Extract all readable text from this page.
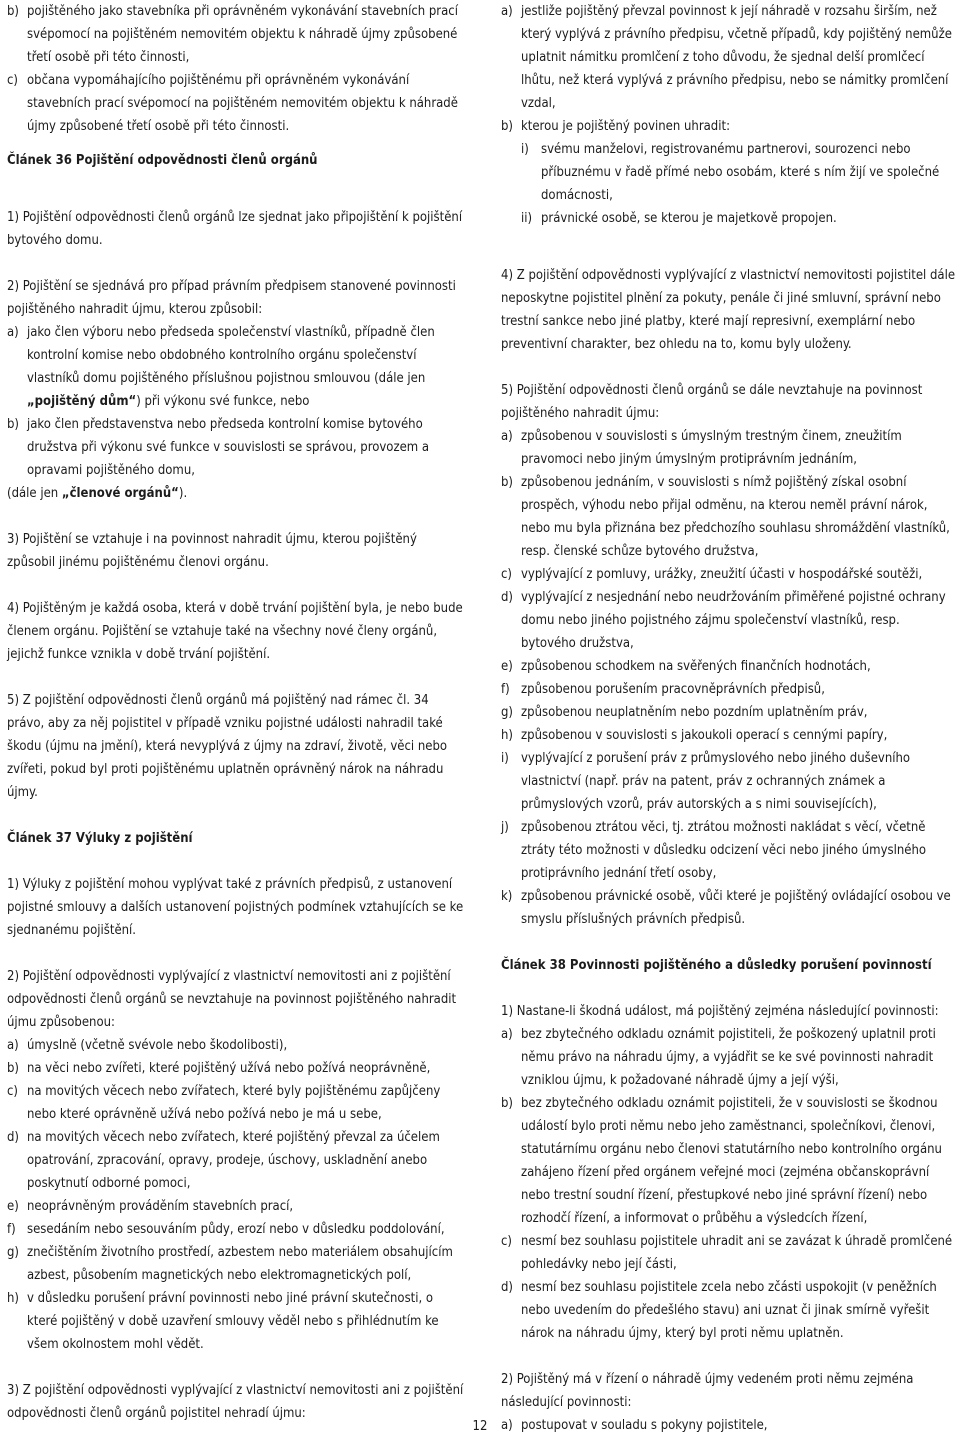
b) pojištěného jako stavebníka při oprávněném vykonávání stavebních prací svépomocí na pojištěném nemovitém objektu k náhradě újmy způsobené třetí osobě při této činnosti,
c) občana vypomáhajícího pojištěnému při oprávněném vykonávání stavebních prací svépomocí na pojištěném nemovitém objektu k náhradě újmy způsobené třetí osobě při této činnosti.
Článek 36 Pojištění odpovědnosti členů orgánů
1) Pojištění odpovědnosti členů orgánů lze sjednat jako připojištění k pojištění bytového domu.
2) Pojištění se sjednává pro případ právním předpisem stanovené povinnosti pojištěného nahradit újmu, kterou způsobil:
a) jako člen výboru nebo předseda společenství vlastníků, případně člen kontrolní komise nebo obdobného kontrolního orgánu společenství vlastníků domu pojištěného příslušnou pojistnou smlouvou (dále jen „pojištěný dům“) při výkonu své funkce, nebo
b) jako člen představenstva nebo předseda kontrolní komise bytového družstva při výkonu své funkce v souvislosti se správou, provozem a opravami pojištěného domu,
(dále jen „členové orgánů“).
3) Pojištění se vztahuje i na povinnost nahradit újmu, kterou pojištěný způsobil jinému pojištěnému členovi orgánu.
4) Pojištěným je každá osoba, která v době trvání pojištění byla, je nebo bude členem orgánu. Pojištění se vztahuje také na všechny nové členy orgánů, jejichž funkce vznikla v době trvání pojištění.
5) Z pojištění odpovědnosti členů orgánů má pojištěný nad rámec čl. 34 právo, aby za něj pojistitel v případě vzniku pojistné události nahradil také škodu (újmu na jmění), která nevyplývá z újmy na zdraví, životě, věci nebo zvířeti, pokud byl proti pojištěnému uplatněn oprávněný nárok na náhradu újmy.
Článek 37 Výluky z pojištění
1) Výluky z pojištění mohou vyplývat také z právních předpisů, z ustanovení pojistné smlouvy a dalších ustanovení pojistných podmínek vztahujících se ke sjednanému pojištění.
2) Pojištění odpovědnosti vyplývající z vlastnictví nemovitosti ani z pojištění odpovědnosti členů orgánů se nevztahuje na povinnost pojištěného nahradit újmu způsobenou:
a) úmyslně (včetně svévole nebo škodolibosti),
b) na věci nebo zvířeti, které pojištěný užívá nebo požívá neoprávněně,
c) na movitých věcech nebo zvířatech, které byly pojištěnému zapůjčeny nebo které oprávněně užívá nebo požívá nebo je má u sebe,
d) na movitých věcech nebo zvířatech, které pojištěný převzal za účelem opatrování, zpracování, opravy, prodeje, úschovy, uskladnění anebo poskytnutí odborné pomoci,
e) neoprávněným prováděním stavebních prací,
f) sesedáním nebo sesouváním půdy, erozí nebo v důsledku poddolování,
g) znečištěním životního prostředí, azbestem nebo materiálem obsahujícím azbest, působením magnetických nebo elektromagnetických polí,
h) v důsledku porušení právní povinnosti nebo jiné právní skutečnosti, o které pojištěný v době uzavření smlouvy věděl nebo s přihlédnutím ke všem okolnostem mohl vědět.
3) Z pojištění odpovědnosti vyplývající z vlastnictví nemovitosti ani z pojištění odpovědnosti členů orgánů pojistitel nehradí újmu:
a) jestliže pojištěný převzal povinnost k její náhradě v rozsahu širším, než který vyplývá z právního předpisu, včetně případů, kdy pojištěný nemůže uplatnit námitku promlčení z toho důvodu, že sjednal delší promlčecí lhůtu, než která vyplývá z právního předpisu, nebo se námitky promlčení vzdal,
b) kterou je pojištěný povinen uhradit:
i) svému manželovi, registrovanému partnerovi, sourozenci nebo příbuznému v řadě přímé nebo osobám, které s ním žijí ve společné domácnosti,
ii) právnické osobě, se kterou je majetkově propojen.
4) Z pojištění odpovědnosti vyplývající z vlastnictví nemovitosti pojistitel dále neposkytne pojistitel plnění za pokuty, penále či jiné smluvní, správní nebo trestní sankce nebo jiné platby, které mají represivní, exemplární nebo preventivní charakter, bez ohledu na to, komu byly uloženy.
5) Pojištění odpovědnosti členů orgánů se dále nevztahuje na povinnost pojištěného nahradit újmu:
a) způsobenou v souvislosti s úmyslným trestným činem, zneužitím pravomoci nebo jiným úmyslným protiprávním jednáním,
b) způsobenou jednáním, v souvislosti s nímž pojištěný získal osobní prospěch, výhodu nebo přijal odměnu, na kterou neměl právní nárok, nebo mu byla přiznána bez předchozího souhlasu shromáždění vlastníků, resp. členské schůze bytového družstva,
c) vyplývající z pomluvy, urážky, zneužití účasti v hospodářské soutěži,
d) vyplývající z nesjednání nebo neudržováním přiměřené pojistné ochrany domu nebo jiného pojistného zájmu společenství vlastníků, resp. bytového družstva,
e) způsobenou schodkem na svěřených finančních hodnotách,
f) způsobenou porušením pracovněprávních předpisů,
g) způsobenou neuplatněním nebo pozdním uplatněním práv,
h) způsobenou v souvislosti s jakoukoli operací s cennými papíry,
i) vyplývající z porušení práv z průmyslového nebo jiného duševního vlastnictví (např. práv na patent, práv z ochranných známek a průmyslových vzorů, práv autorských a s nimi souvisejících),
j) způsobenou ztrátou věci, tj. ztrátou možnosti nakládat s věcí, včetně ztráty této možnosti v důsledku odcizení věci nebo jiného úmyslného protiprávního jednání třetí osoby,
k) způsobenou právnické osobě, vůči které je pojištěný ovládající osobou ve smyslu příslušných právních předpisů.
Článek 38 Povinnosti pojištěného a důsledky porušení povinností
1) Nastane-li škodná událost, má pojištěný zejména následující povinnosti:
a) bez zbytečného odkladu oznámit pojistiteli, že poškozený uplatnil proti němu právo na náhradu újmy, a vyjádřit se ke své povinnosti nahradit vzniklou újmu, k požadované náhradě újmy a její výši,
b) bez zbytečného odkladu oznámit pojistiteli, že v souvislosti se škodnou událostí bylo proti němu nebo jeho zaměstnanci, společníkovi, členovi, statutárnímu orgánu nebo členovi statutárního nebo kontrolního orgánu zahájeno řízení před orgánem veřejné moci (zejména občanskoprávní nebo trestní soudní řízení, přestupkové nebo jiné správní řízení) nebo rozhodčí řízení, a informovat o průběhu a výsledcích řízení,
c) nesmí bez souhlasu pojistitele uhradit ani se zavázat k úhradě promlčené pohledávky nebo její části,
d) nesmí bez souhlasu pojistitele zcela nebo zčásti uspokojit (v peněžních nebo uvedením do předešlého stavu) ani uznat či jinak smírně vyřešit nárok na náhradu újmy, který byl proti němu uplatněn.
2) Pojištěný má v řízení o náhradě újmy vedeném proti němu zejména následující povinnosti:
a) postupovat v souladu s pokyny pojistitele,
12
